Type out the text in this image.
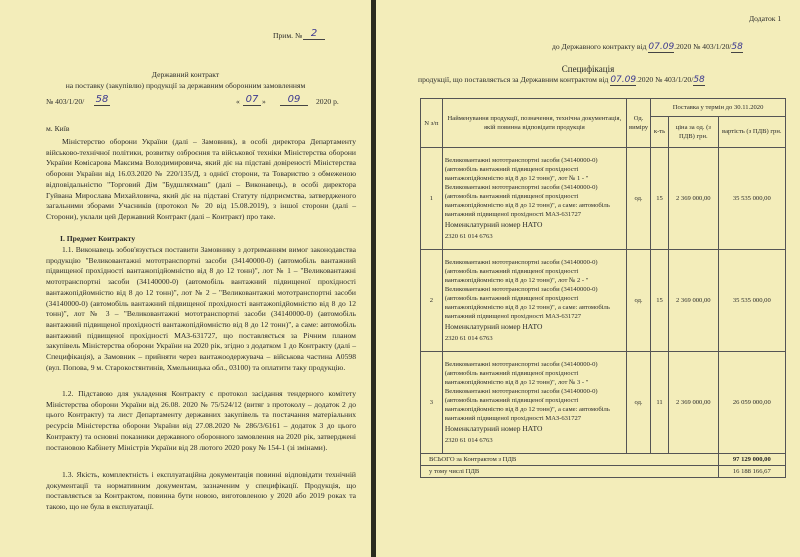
Прим. № 2
Державний контракт
на поставку (закупівлю) продукції за державним оборонним замовленням
№ 403/1/20/ 58	« 07 »	09	2020 р.
м. Київ
Міністерство оборони України (далі – Замовник), в особі директора Департаменту військово-технічної політики, розвитку озброєння та військової техніки Міністерства оборони України Комісарова Максима Володимировича, який діє на підставі довіреності Міністерства оборони України від 16.03.2020 № 220/135/Д, з однієї сторони, та Товариство з обмеженою відповідальністю "Торговий Дім "Будшляхмаш" (далі – Виконавець), в особі директора Гуйвана Мирослава Михайловича, який діє на підставі Статуту підприємства, затвердженого загальними зборами Учасників (протокол № 20 від 15.08.2019), з іншої сторони (далі – Сторони), уклали цей Державний Контракт (далі – Контракт) про таке.
І. Предмет Контракту
1.1. Виконавець зобов'язується поставити Замовнику з дотриманням вимог законодавства продукцію "Великовантажні мототранспортні засоби (34140000-0) (автомобіль вантажний підвищеної прохідності вантажопідйомністю від 8 до 12 тонн)", лот № 1 – "Великовантажні мототранспортні засоби (34140000-0) (автомобіль вантажний підвищеної прохідності вантажопідйомністю від 8 до 12 тонн)", лот № 2 – "Великовантажні мототранспортні засоби (34140000-0) (автомобіль вантажний підвищеної прохідності вантажопідйомністю від 8 до 12 тонн)", лот № 3 – "Великовантажні мототранспортні засоби (34140000-0) (автомобіль вантажний підвищеної прохідності вантажопідйомністю від 8 до 12 тонн)", а саме: автомобіль вантажний підвищеної прохідності МАЗ-631727, що поставляється за Річним планом закупівель Міністерства оборони України на 2020 рік, згідно з додатком 1 до Контракту (далі – Специфікація), а Замовник – прийняти через вантажоодержувача – військова частина А0598 (вул. Попова, 9 м. Старокостянтинів, Хмельницька обл., 03100) та оплатити таку продукцію.
1.2. Підставою для укладення Контракту є протокол засідання тендерного комітету Міністерства оборони України від 26.08. 2020 № 75/524/12 (витяг з протоколу – додаток 2 до цього Контракту) та лист Департаменту державних закупівель та постачання матеріальних ресурсів Міністерства оборони України від 27.08.2020 № 286/3/6161 – додаток 3 до цього Контракту) та основні показники державного оборонного замовлення на 2020 рік, затверджені постановою Кабінету Міністрів України від 28 лютого 2020 року № 154-1 (зі змінами).
1.3. Якість, комплектність і експлуатаційна документація повинні відповідати технічній документації та нормативним документам, зазначеним у специфікації. Продукція, що поставляється за Контрактом, повинна бути новою, виготовленою у 2020 або 2019 роках та такою, що не була в експлуатації.
Додаток 1
до Державного контракту від 07.09.2020 № 403/1/20/58
Специфікація
продукції, що поставляється за Державним контрактом від 07.09.2020 № 403/1/20/58
N з/п	Найменування продукції, позначення, технічна документація, якій повинна відповідати продукція	Од. виміру	Поставка у термін до 30.11.2020		
			к-ть	ціна за од. (з ПДВ) грн.	вартість (з ПДВ) грн.
1	Великовантажні мототранспортні засоби (34140000-0) (автомобіль вантажний підвищеної прохідності вантажопідйомністю від 8 до 12 тонн)", лот № 1 - " Великовантажні мототранспортні засоби (34140000-0) (автомобіль вантажний підвищеної прохідності вантажопідйомністю від 8 до 12 тонн)", а саме: автомобіль вантажний підвищеної прохідності МАЗ-631727
Номенклатурний номер НАТО
2320 61 014 6763	од.	15	2 369 000,00	35 535 000,00
2	Великовантажні мототранспортні засоби (34140000-0) (автомобіль вантажний підвищеної прохідності вантажопідйомністю від 8 до 12 тонн)", лот № 2 - " Великовантажні мототранспортні засоби (34140000-0) (автомобіль вантажний підвищеної прохідності вантажопідйомністю від 8 до 12 тонн)", а саме: автомобіль вантажний підвищеної прохідності МАЗ-631727
Номенклатурний номер НАТО
2320 61 014 6763	од.	15	2 369 000,00	35 535 000,00
3	Великовантажні мототранспортні засоби (34140000-0) (автомобіль вантажний підвищеної прохідності вантажопідйомністю від 8 до 12 тонн)", лот № 3 - " Великовантажні мототранспортні засоби (34140000-0) (автомобіль вантажний підвищеної прохідності вантажопідйомністю від 8 до 12 тонн)", а саме: автомобіль вантажний підвищеної прохідності МАЗ-631727
Номенклатурний номер НАТО
2320 61 014 6763	од.	11	2 369 000,00	26 059 000,00
ВСЬОГО за Контрактом з ПДВ					97 129 000,00
у тому числі ПДВ					16 188 166,67
